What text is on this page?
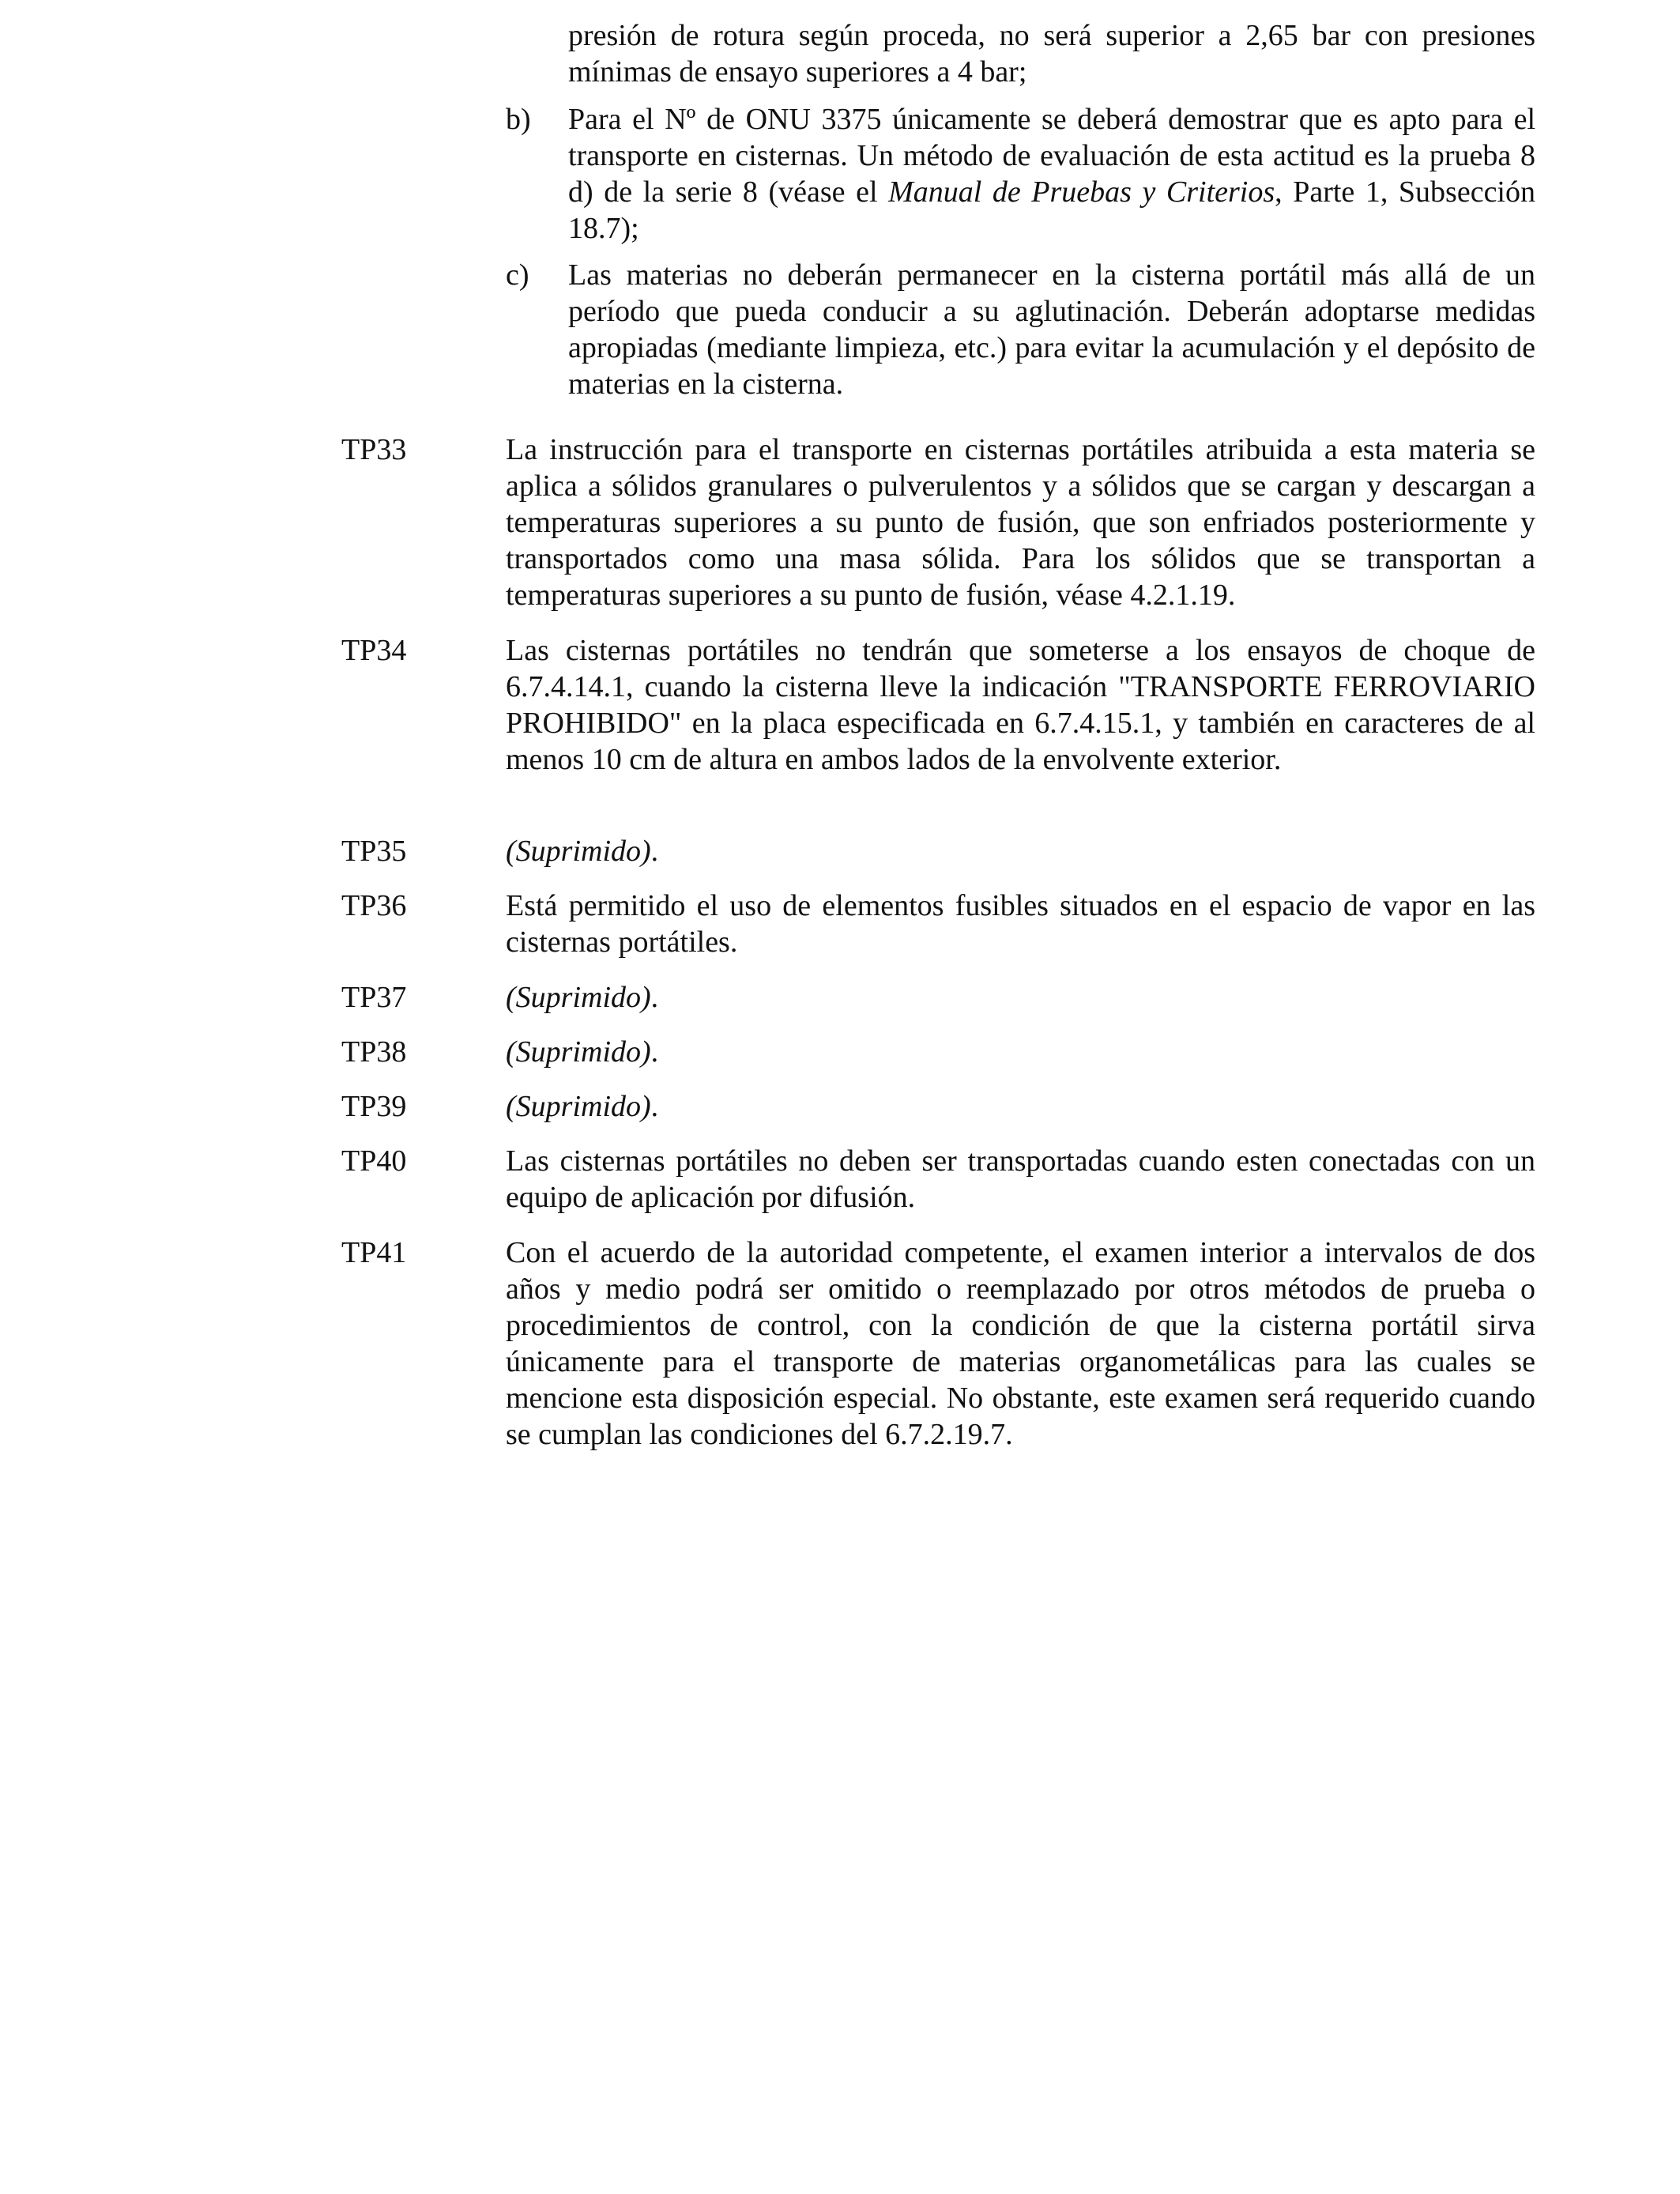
presión de rotura según proceda, no será superior a 2,65 bar con presiones mínimas de ensayo superiores a 4 bar;

b) Para el Nº de ONU 3375 únicamente se deberá demostrar que es apto para el transporte en cisternas. Un método de evaluación de esta actitud es la prueba 8 d) de la serie 8 (véase el Manual de Pruebas y Criterios, Parte 1, Subsección 18.7);

c) Las materias no deberán permanecer en la cisterna portátil más allá de un período que pueda conducir a su aglutinación. Deberán adoptarse medidas apropiadas (mediante limpieza, etc.) para evitar la acumulación y el depósito de materias en la cisterna.

TP33	La instrucción para el transporte en cisternas portátiles atribuida a esta materia se aplica a sólidos granulares o pulverulentos y a sólidos que se cargan y descargan a temperaturas superiores a su punto de fusión, que son enfriados posteriormente y transportados como una masa sólida. Para los sólidos que se transportan a temperaturas superiores a su punto de fusión, véase 4.2.1.19.

TP34	Las cisternas portátiles no tendrán que someterse a los ensayos de choque de 6.7.4.14.1, cuando la cisterna lleve la indicación "TRANSPORTE FERROVIARIO PROHIBIDO" en la placa especificada en 6.7.4.15.1, y también en caracteres de al menos 10 cm de altura en ambos lados de la envolvente exterior.

TP35	(Suprimido).

TP36	Está permitido el uso de elementos fusibles situados en el espacio de vapor en las cisternas portátiles.

TP37	(Suprimido).

TP38	(Suprimido).

TP39	(Suprimido).

TP40	Las cisternas portátiles no deben ser transportadas cuando esten conectadas con un equipo de aplicación por difusión.

TP41	Con el acuerdo de la autoridad competente, el examen interior a intervalos de dos años y medio podrá ser omitido o reemplazado por otros métodos de prueba o procedimientos de control, con la condición de que la cisterna portátil sirva únicamente para el transporte de materias organometálicas para las cuales se mencione esta disposición especial. No obstante, este examen será requerido cuando se cumplan las condiciones del 6.7.2.19.7.
